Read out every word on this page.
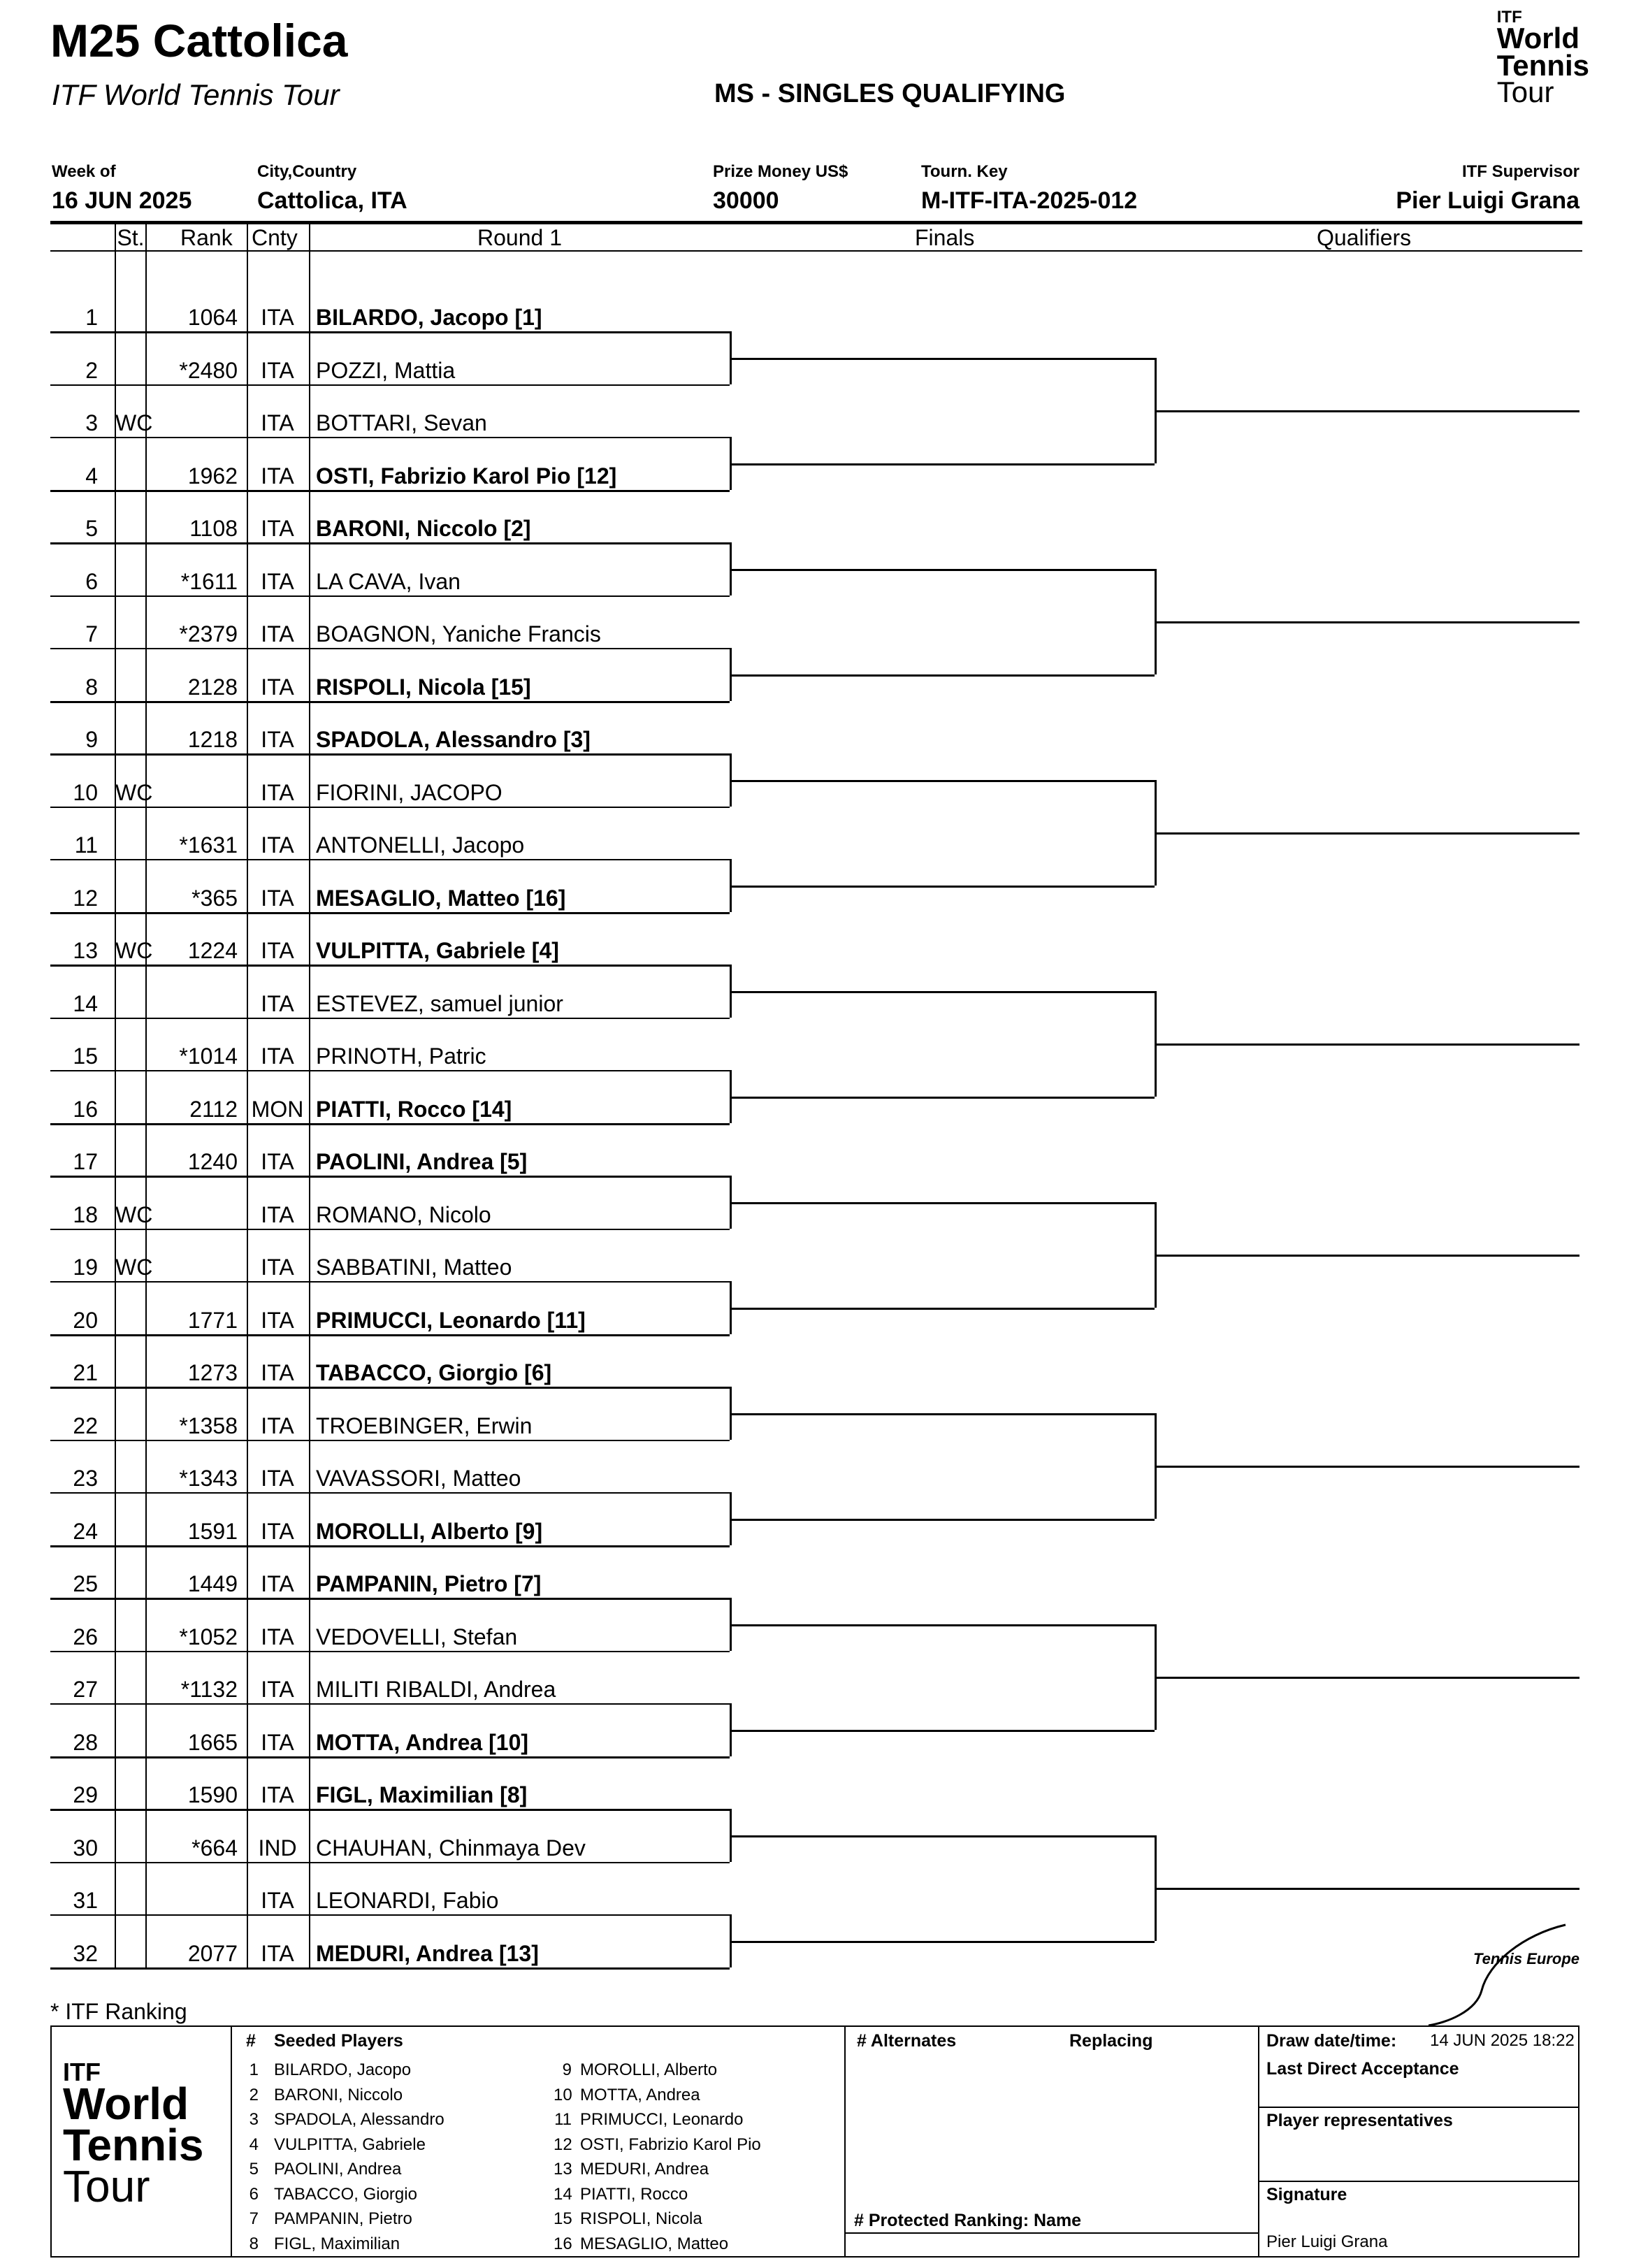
M25 Cattolica
ITF World Tennis Tour	MS - SINGLES QUALIFYING
ITF
World
Tennis
Tour
Week of
16 JUN 2025
City,Country
Cattolica, ITA
Prize Money US$
30000
Tourn. Key
M-ITF-ITA-2025-012
ITF Supervisor
Pier Luigi Grana
St. Rank Cnty	Round 1	Finals	Qualifiers
1	1064	ITA BILARDO, Jacopo [1]
2	*2480	ITA POZZI, Mattia
3 WC	ITA BOTTARI, Sevan
4	1962	ITA OSTI, Fabrizio Karol Pio [12]
5	1108	ITA BARONI, Niccolo [2]
6	*1611	ITA LA CAVA, Ivan
7	*2379	ITA BOAGNON, Yaniche Francis
8	2128	ITA RISPOLI, Nicola [15]
9	1218	ITA SPADOLA, Alessandro [3]
10 WC	ITA FIORINI, JACOPO
11	*1631	ITA ANTONELLI, Jacopo
12	*365	ITA MESAGLIO, Matteo [16]
13 WC	1224	ITA VULPITTA, Gabriele [4]
14	ITA ESTEVEZ, samuel junior
15	*1014	ITA PRINOTH, Patric
16	2112 MON PIATTI, Rocco [14]
17	1240	ITA PAOLINI, Andrea [5]
18 WC	ITA ROMANO, Nicolo
19 WC	ITA SABBATINI, Matteo
20	1771	ITA PRIMUCCI, Leonardo [11]
21	1273	ITA TABACCO, Giorgio [6]
22	*1358	ITA TROEBINGER, Erwin
23	*1343	ITA VAVASSORI, Matteo
24	1591	ITA MOROLLI, Alberto [9]
25	1449	ITA PAMPANIN, Pietro [7]
26	*1052	ITA VEDOVELLI, Stefan
27	*1132	ITA MILITI RIBALDI, Andrea
28	1665	ITA MOTTA, Andrea [10]
29	1590	ITA FIGL, Maximilian [8]
30	*664 IND CHAUHAN, Chinmaya Dev
31	ITA LEONARDI, Fabio
32	2077	ITA MEDURI, Andrea [13]
* ITF Ranking
Tennis Europe
ITF
World
Tennis
Tour
# Seeded Players
1 BILARDO, Jacopo
2 BARONI, Niccolo
3 SPADOLA, Alessandro
4 VULPITTA, Gabriele
5 PAOLINI, Andrea
6 TABACCO, Giorgio
7 PAMPANIN, Pietro
8 FIGL, Maximilian
9 MOROLLI, Alberto
10 MOTTA, Andrea
11 PRIMUCCI, Leonardo
12 OSTI, Fabrizio Karol Pio
13 MEDURI, Andrea
14 PIATTI, Rocco
15 RISPOLI, Nicola
16 MESAGLIO, Matteo
# Alternates	Replacing
# Protected Ranking: Name
Draw date/time: 14 JUN 2025 18:22
Last Direct Acceptance
Player representatives
Signature
Pier Luigi Grana
